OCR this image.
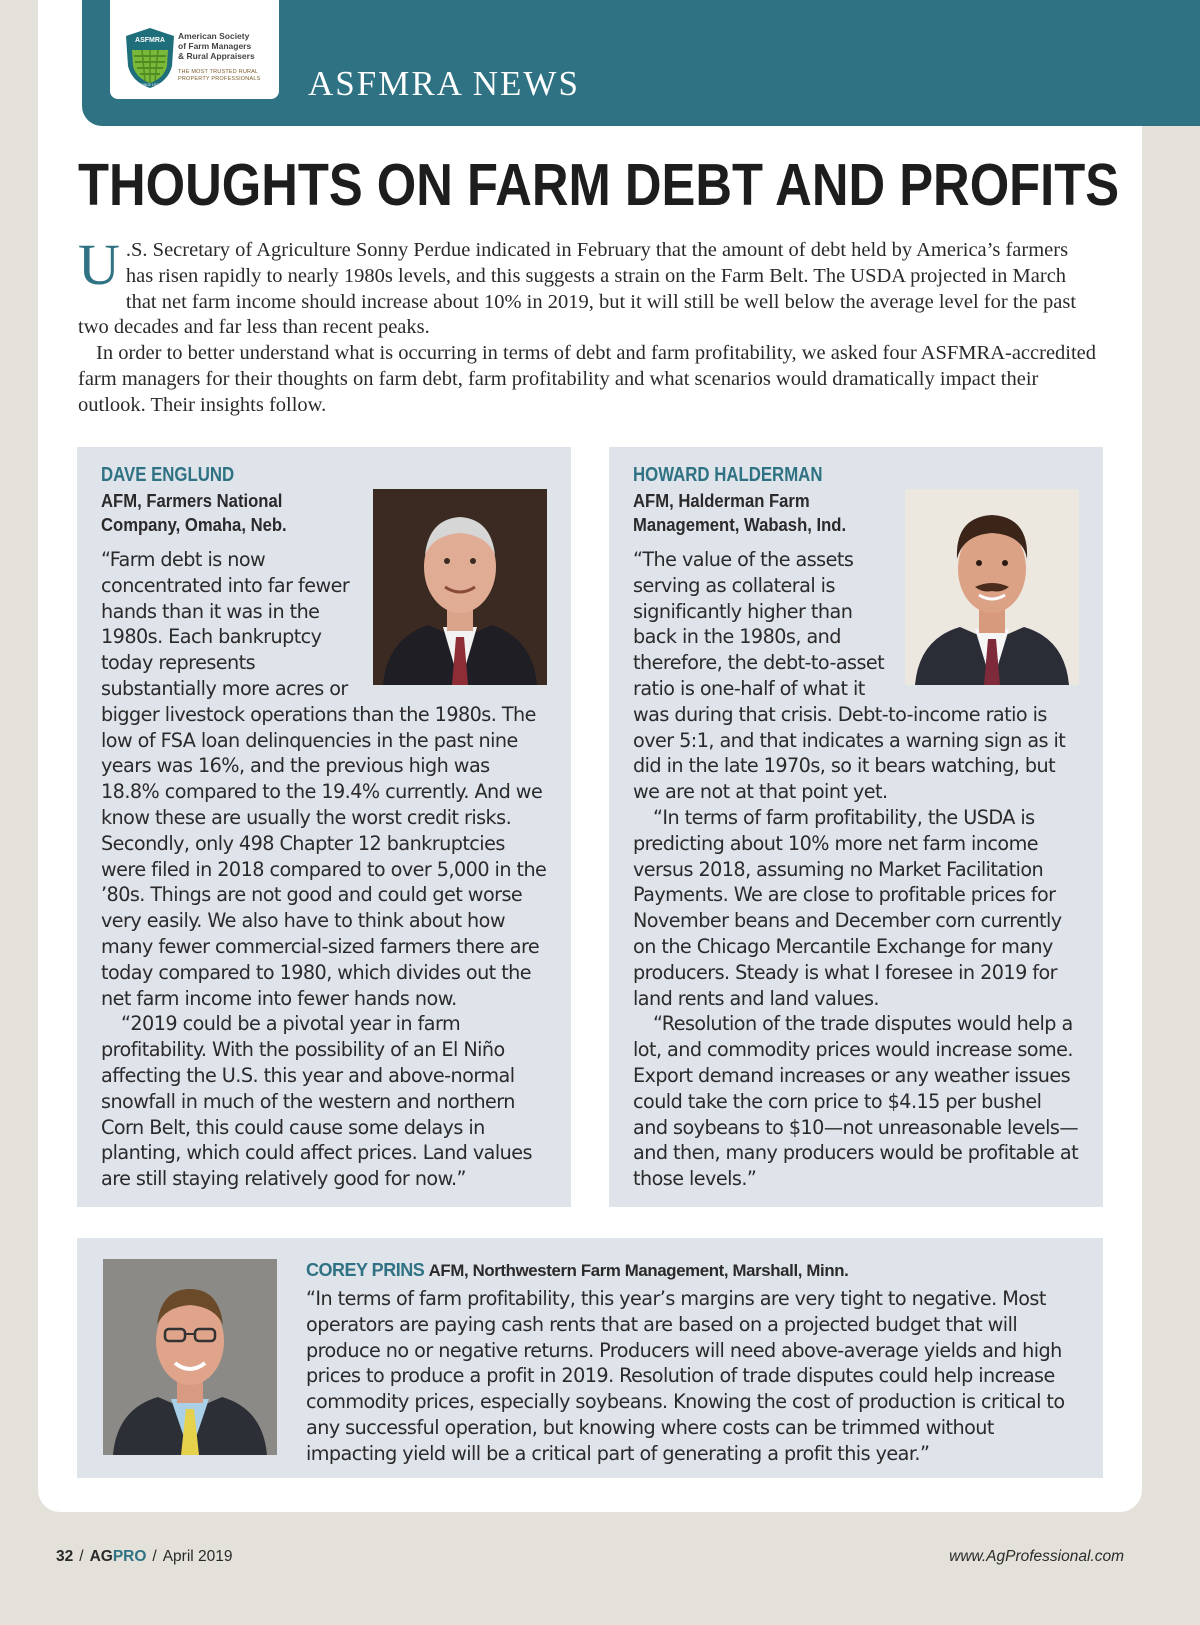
ASFMRA
SINCE 1929
American Society
of Farm Managers
& Rural Appraisers
THE MOST TRUSTED RURAL
PROPERTY PROFESSIONALS	ASFMRA NEWS
THOUGHTS ON FARM DEBT AND PROFITS

U .S. Secretary of Agriculture Sonny Perdue indicated in February that the amount of debt held by America’s farmers has risen rapidly to nearly 1980s levels, and this suggests a strain on the Farm Belt. The USDA projected in March that net farm income should increase about 10% in 2019, but it will still be well below the average level for the past two decades and far less than recent peaks.

In order to better understand what is occurring in terms of debt and farm profitability, we asked four ASFMRA-accredited farm managers for their thoughts on farm debt, farm profitability and what scenarios would dramatically impact their outlook. Their insights follow.

DAVE ENGLUND
AFM, Farmers National Company, Omaha, Neb.

“Farm debt is now concentrated into far fewer hands than it was in the 1980s. Each bankruptcy today represents substantially more acres or bigger livestock operations than the 1980s. The low of FSA loan delinquencies in the past nine years was 16%, and the previous high was 18.8% compared to the 19.4% currently. And we know these are usually the worst credit risks. Secondly, only 498 Chapter 12 bankruptcies were filed in 2018 compared to over 5,000 in the ’80s. Things are not good and could get worse very easily. We also have to think about how many fewer commercial-sized farmers there are today compared to 1980, which divides out the net farm income into fewer hands now.

“2019 could be a pivotal year in farm profitability. With the possibility of an El Niño affecting the U.S. this year and above-normal snowfall in much of the western and northern Corn Belt, this could cause some delays in planting, which could affect prices. Land values are still staying relatively good for now.”

HOWARD HALDERMAN
AFM, Halderman Farm Management, Wabash, Ind.

“The value of the assets serving as collateral is significantly higher than back in the 1980s, and therefore, the debt-to-asset ratio is one-half of what it was during that crisis. Debt-to-income ratio is over 5:1, and that indicates a warning sign as it did in the late 1970s, so it bears watching, but we are not at that point yet.

“In terms of farm profitability, the USDA is predicting about 10% more net farm income versus 2018, assuming no Market Facilitation Payments. We are close to profitable prices for November beans and December corn currently on the Chicago Mercantile Exchange for many producers. Steady is what I foresee in 2019 for land rents and land values.

“Resolution of the trade disputes would help a lot, and commodity prices would increase some. Export demand increases or any weather issues could take the corn price to $4.15 per bushel and soybeans to $10—not unreasonable levels—and then, many producers would be profitable at those levels.”

COREY PRINS AFM, Northwestern Farm Management, Marshall, Minn.

“In terms of farm profitability, this year’s margins are very tight to negative. Most operators are paying cash rents that are based on a projected budget that will produce no or negative returns. Producers will need above-average yields and high prices to produce a profit in 2019. Resolution of trade disputes could help increase commodity prices, especially soybeans. Knowing the cost of production is critical to any successful operation, but knowing where costs can be trimmed without impacting yield will be a critical part of generating a profit this year.”

32 / AGPRO / April 2019	www.AgProfessional.com
